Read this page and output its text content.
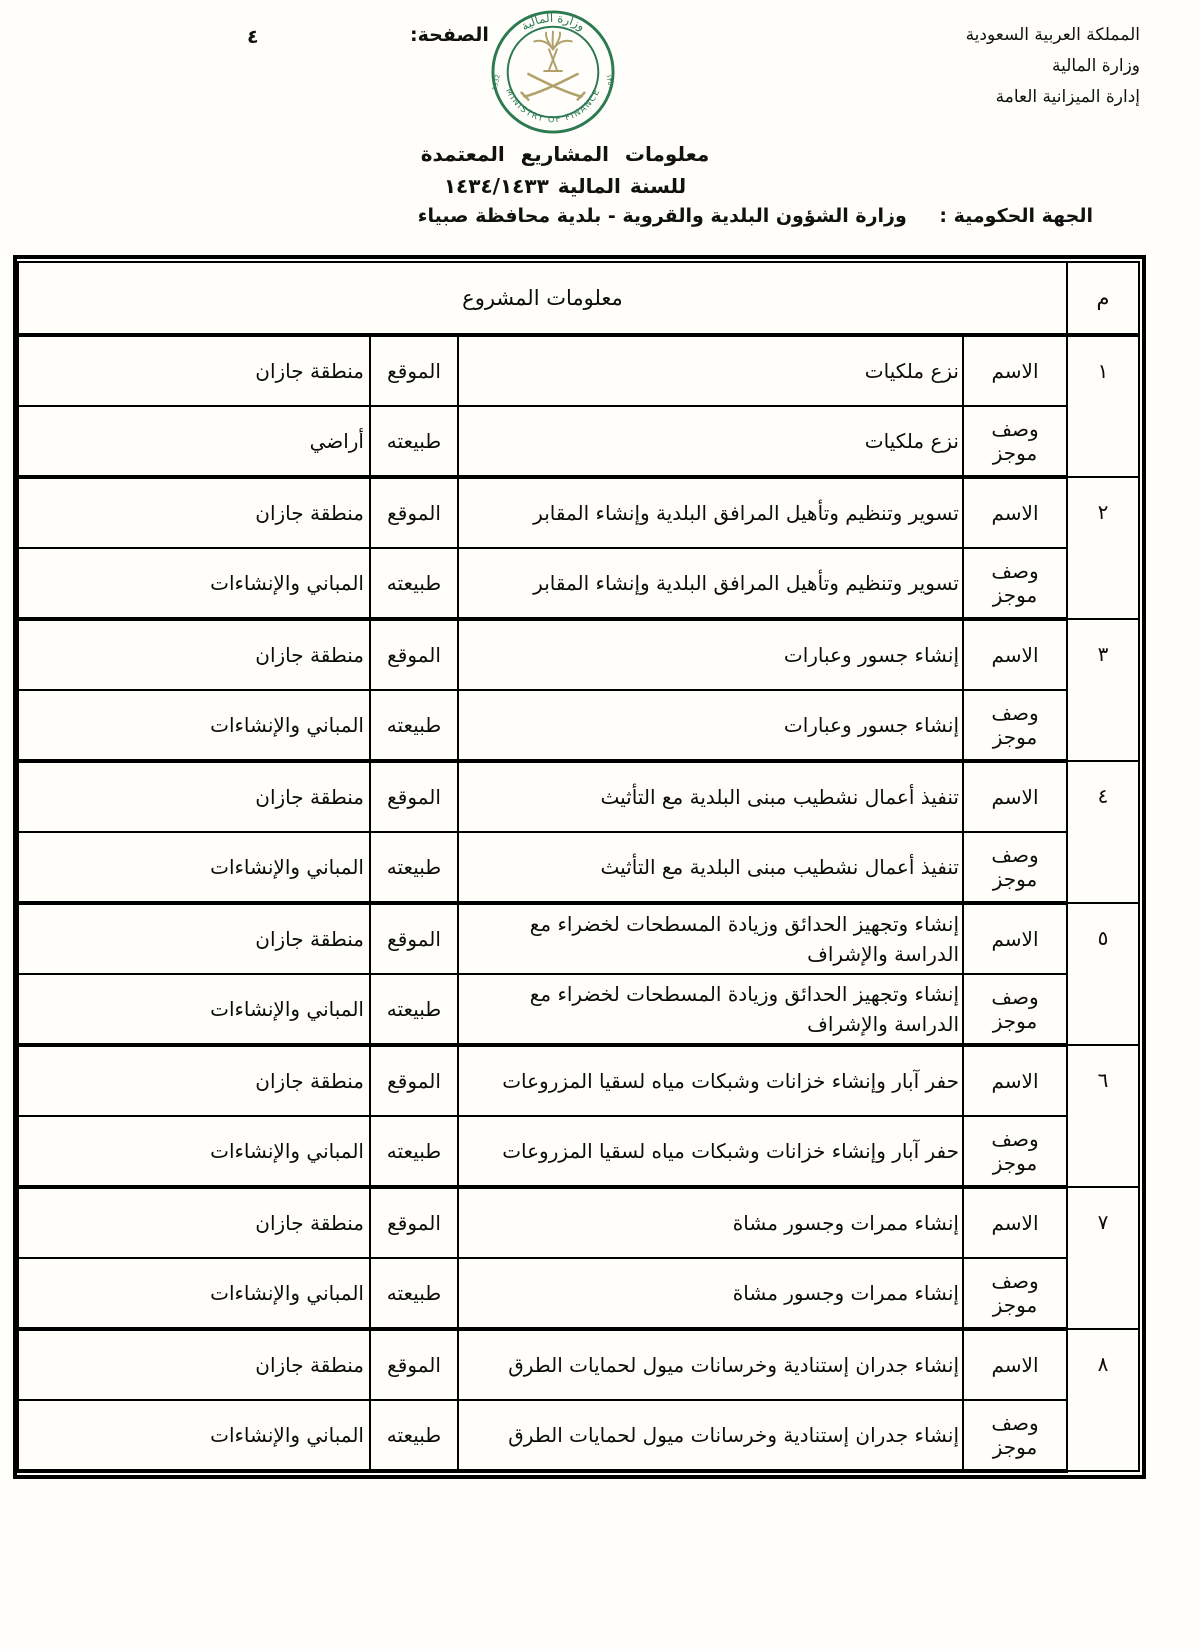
المملكة العربية السعودية
وزارة المالية
إدارة الميزانية العامة
وزارة المالية
MINISTRY OF FINANCE
1932	١٣٥١
معلومات المشاريع المعتمدة
للسنة المالية ١٤٣٤/١٤٣٣
الصفحة:
٤
الجهة الحكومية : وزارة الشؤون البلدية والقروية - بلدية محافظة صبياء
م	معلومات المشروع			
١	الاسم	نزع ملكيات	الموقع	منطقة جازان
	وصف موجز	نزع ملكيات	طبيعته	أراضي
٢	الاسم	تسوير وتنظيم وتأهيل المرافق البلدية وإنشاء المقابر	الموقع	منطقة جازان
	وصف موجز	تسوير وتنظيم وتأهيل المرافق البلدية وإنشاء المقابر	طبيعته	المباني والإنشاءات
٣	الاسم	إنشاء جسور وعبارات	الموقع	منطقة جازان
	وصف موجز	إنشاء جسور وعبارات	طبيعته	المباني والإنشاءات
٤	الاسم	تنفيذ أعمال نشطيب مبنى البلدية مع التأثيث	الموقع	منطقة جازان
	وصف موجز	تنفيذ أعمال نشطيب مبنى البلدية مع التأثيث	طبيعته	المباني والإنشاءات
٥	الاسم	إنشاء وتجهيز الحدائق وزيادة المسطحات لخضراء مع الدراسة والإشراف	الموقع	منطقة جازان
	وصف موجز	إنشاء وتجهيز الحدائق وزيادة المسطحات لخضراء مع الدراسة والإشراف	طبيعته	المباني والإنشاءات
٦	الاسم	حفر آبار وإنشاء خزانات وشبكات مياه لسقيا المزروعات	الموقع	منطقة جازان
	وصف موجز	حفر آبار وإنشاء خزانات وشبكات مياه لسقيا المزروعات	طبيعته	المباني والإنشاءات
٧	الاسم	إنشاء ممرات وجسور مشاة	الموقع	منطقة جازان
	وصف موجز	إنشاء ممرات وجسور مشاة	طبيعته	المباني والإنشاءات
٨	الاسم	إنشاء جدران إستنادية وخرسانات ميول لحمايات الطرق	الموقع	منطقة جازان
	وصف موجز	إنشاء جدران إستنادية وخرسانات ميول لحمايات الطرق	طبيعته	المباني والإنشاءات
